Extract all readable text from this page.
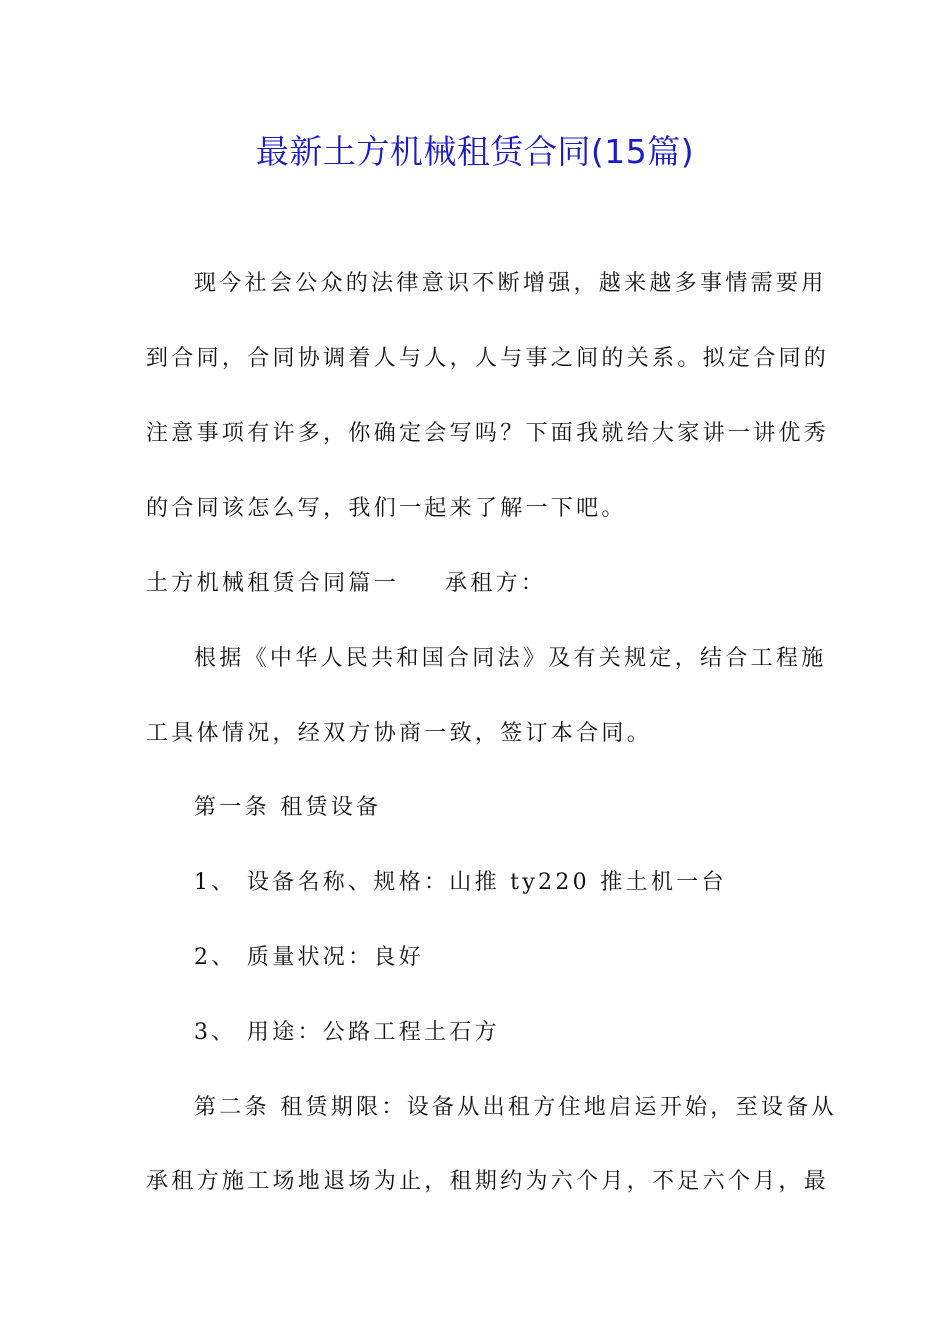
最新土方机械租赁合同(15篇)
现今社会公众的法律意识不断增强，越来越多事情需要用
到合同，合同协调着人与人，人与事之间的关系。拟定合同的
注意事项有许多，你确定会写吗？下面我就给大家讲一讲优秀
的合同该怎么写，我们一起来了解一下吧。
土方机械租赁合同篇一 承租方：
根据《中华人民共和国合同法》及有关规定，结合工程施
工具体情况，经双方协商一致，签订本合同。
第一条 租赁设备
1、 设备名称、规格：山推 ty220 推土机一台
2、 质量状况：良好
3、 用途：公路工程土石方
第二条 租赁期限：设备从出租方住地启运开始，至设备从
承租方施工场地退场为止，租期约为六个月，不足六个月，最
